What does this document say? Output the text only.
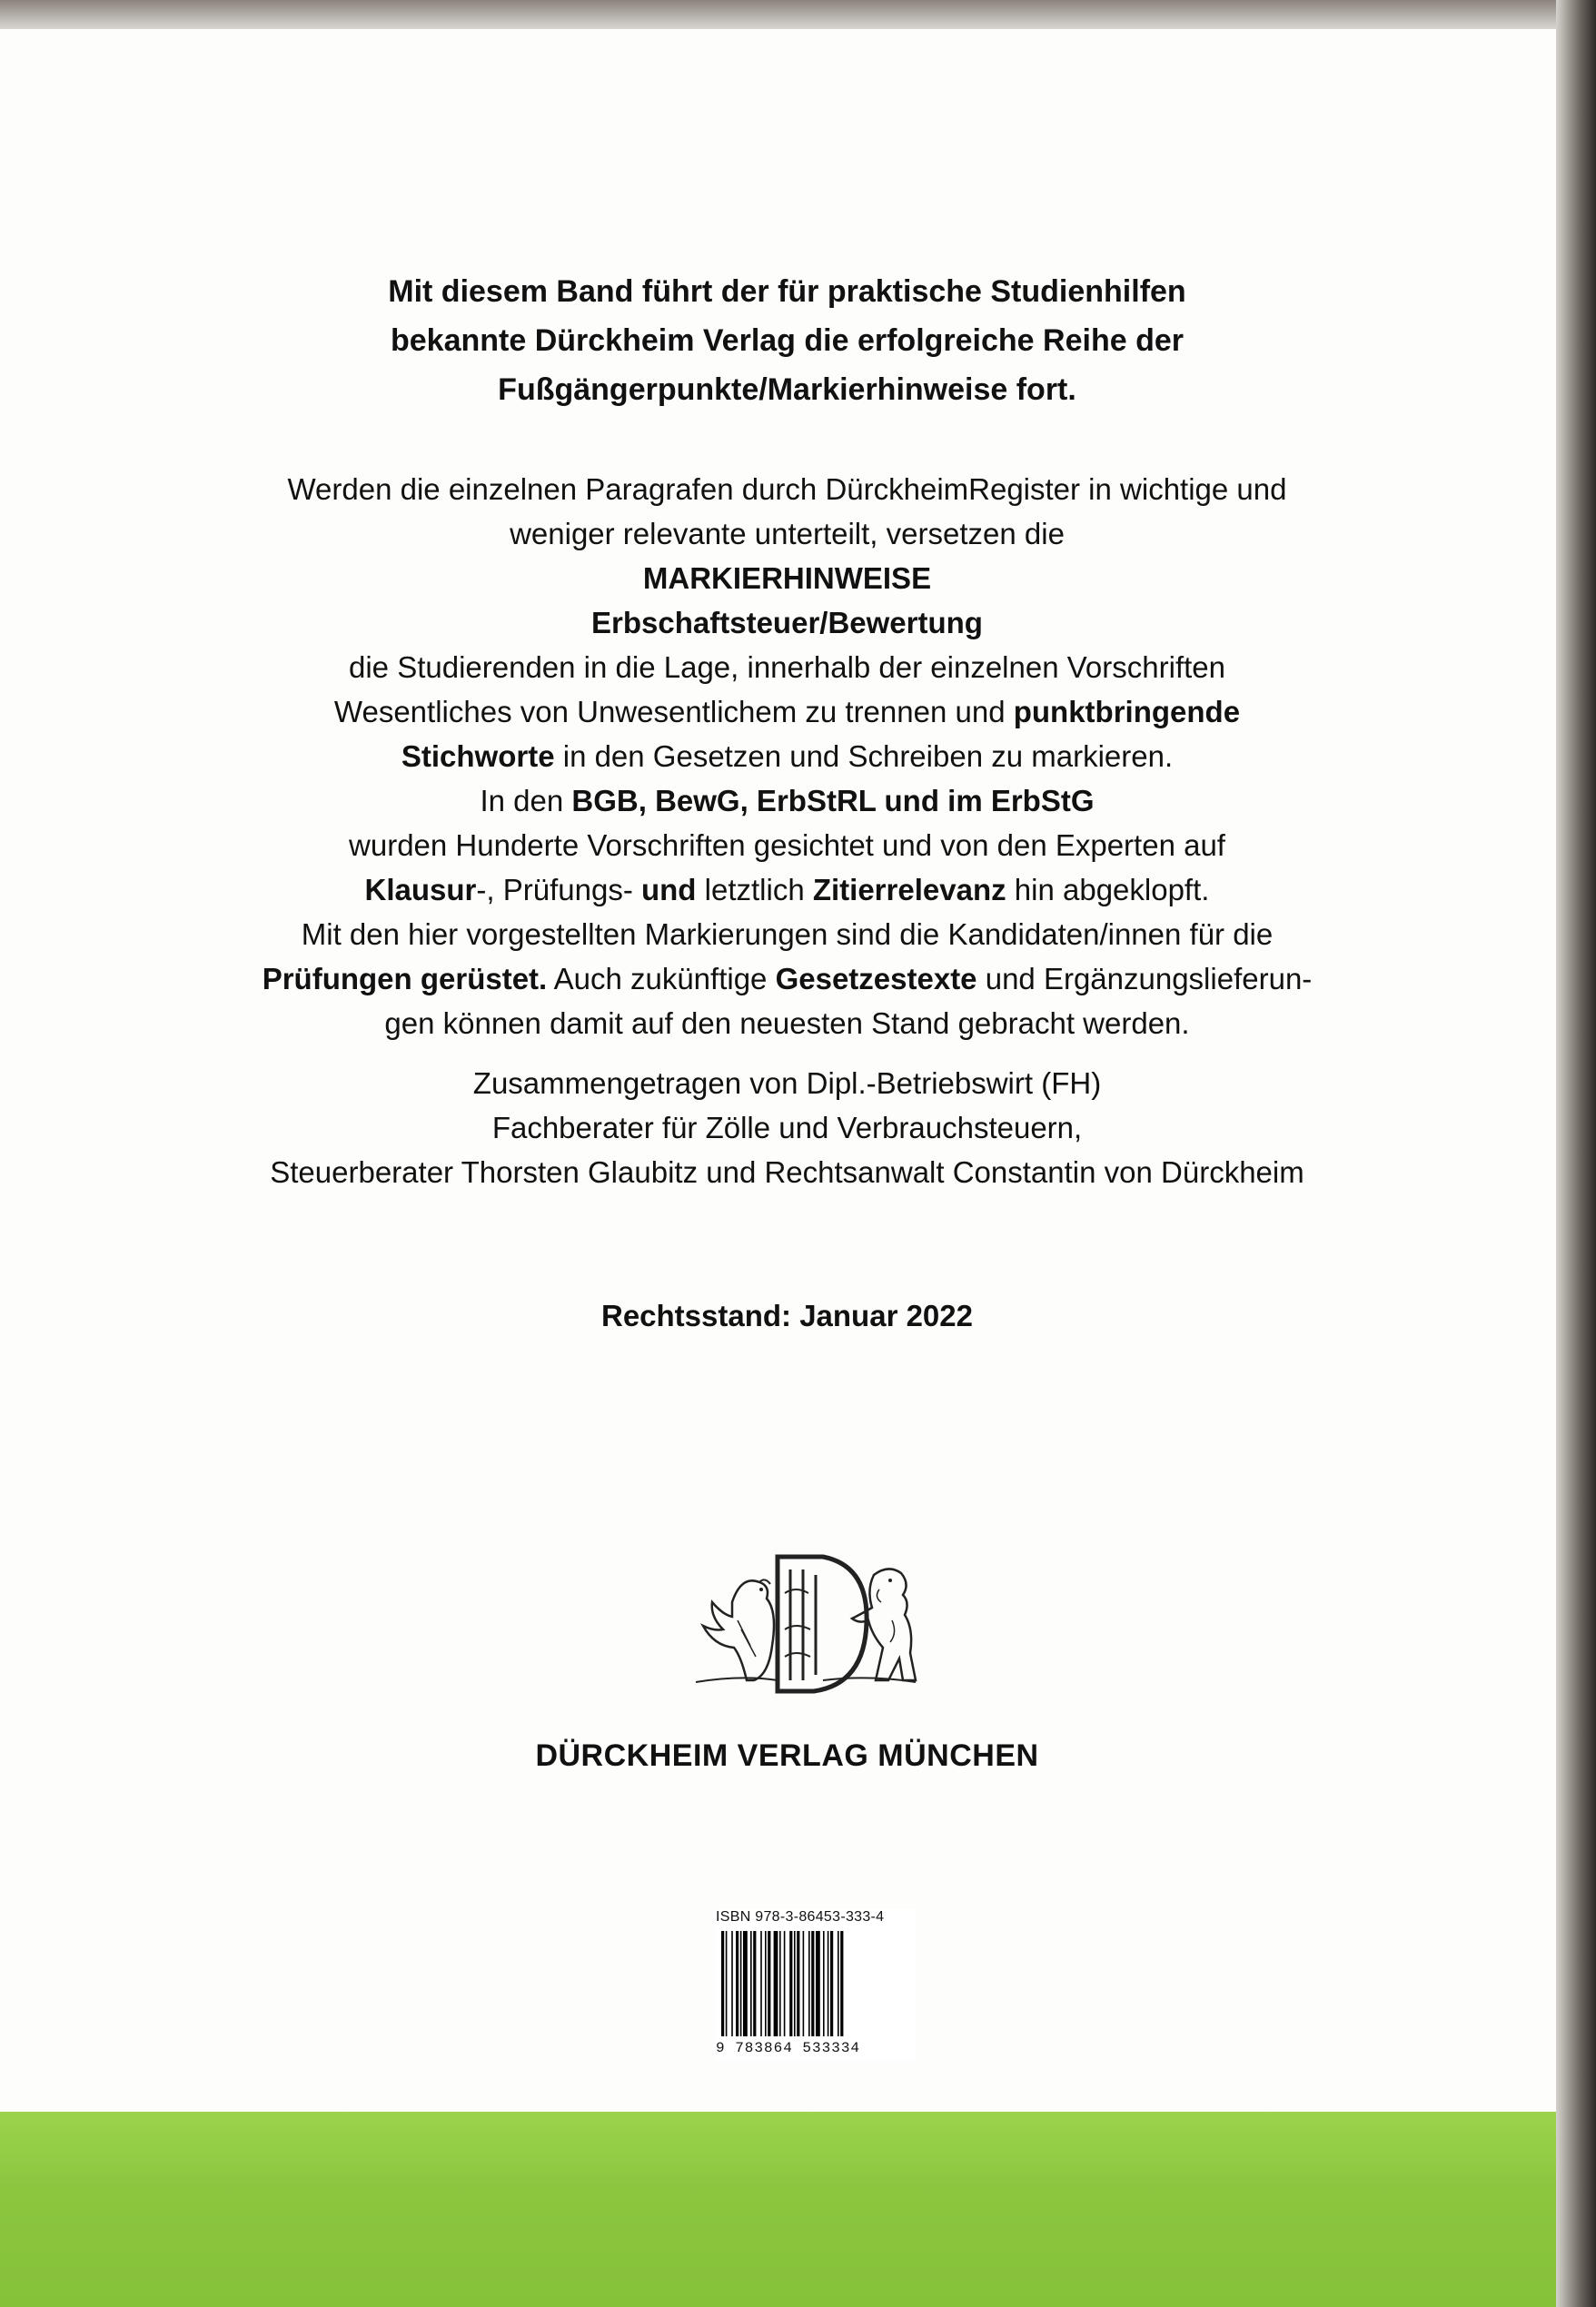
Mit diesem Band führt der für praktische Studienhilfen

bekannte Dürckheim Verlag die erfolgreiche Reihe der

Fußgängerpunkte/Markierhinweise fort.

Werden die einzelnen Paragrafen durch DürckheimRegister in wichtige und

weniger relevante unterteilt, versetzen die

MARKIERHINWEISE

Erbschaftsteuer/Bewertung

die Studierenden in die Lage, innerhalb der einzelnen Vorschriften

Wesentliches von Unwesentlichem zu trennen und punktbringende

Stichworte in den Gesetzen und Schreiben zu markieren.

In den BGB, BewG, ErbStRL und im ErbStG

wurden Hunderte Vorschriften gesichtet und von den Experten auf

Klausur-, Prüfungs- und letztlich Zitierrelevanz hin abgeklopft.

Mit den hier vorgestellten Markierungen sind die Kandidaten/innen für die

Prüfungen gerüstet. Auch zukünftige Gesetzestexte und Ergänzungslieferun-

gen können damit auf den neuesten Stand gebracht werden.

Zusammengetragen von Dipl.-Betriebswirt (FH)

Fachberater für Zölle und Verbrauchsteuern,

Steuerberater Thorsten Glaubitz und Rechtsanwalt Constantin von Dürckheim

Rechtsstand: Januar 2022
DÜRCKHEIM VERLAG MÜNCHEN
ISBN 978-3-86453-333-4
9 783864 533334
